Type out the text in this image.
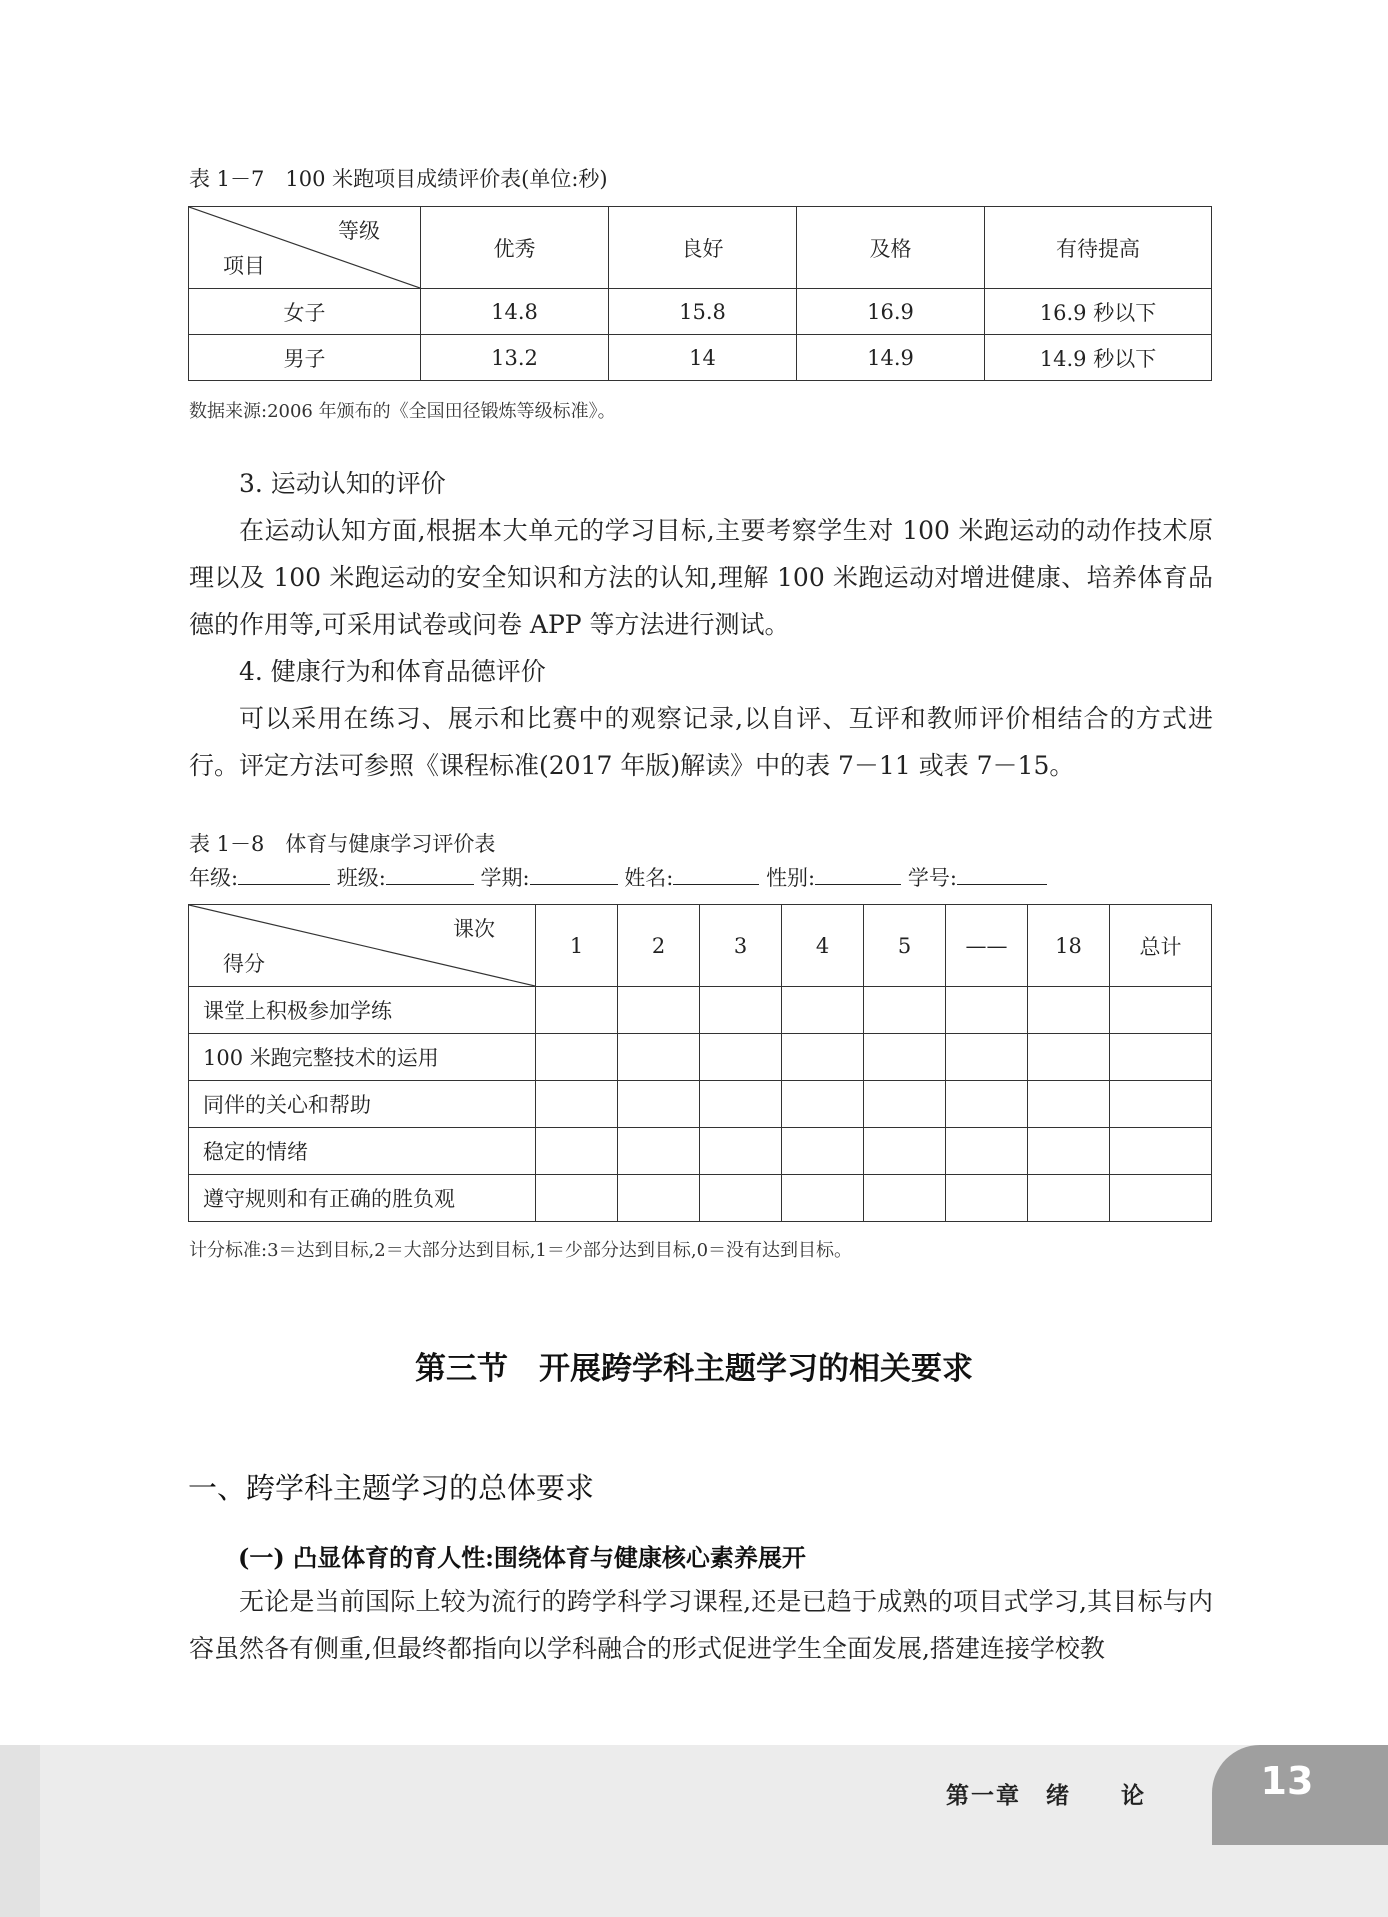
表 1－7　100 米跑项目成绩评价表(单位:秒)
等级
项目	优秀	良好	及格	有待提高
女子	14.8	15.8	16.9	16.9 秒以下
男子	13.2	14	14.9	14.9 秒以下
数据来源:2006 年颁布的《全国田径锻炼等级标准》。

3. 运动认知的评价

在运动认知方面,根据本大单元的学习目标,主要考察学生对 100 米跑运动的动作技术原理以及 100 米跑运动的安全知识和方法的认知,理解 100 米跑运动对增进健康、培养体育品德的作用等,可采用试卷或问卷 APP 等方法进行测试。

4. 健康行为和体育品德评价

可以采用在练习、展示和比赛中的观察记录,以自评、互评和教师评价相结合的方式进行。评定方法可参照《课程标准(2017 年版)解读》中的表 7－11 或表 7－15。

表 1－8　体育与健康学习评价表
年级:	班级:	学期:	姓名:	性别:	学号:
课次
得分	1	2	3	4	5	——	18	总计
课堂上积极参加学练								
100 米跑完整技术的运用								
同伴的关心和帮助								
稳定的情绪								
遵守规则和有正确的胜负观								
计分标准:3＝达到目标,2＝大部分达到目标,1＝少部分达到目标,0＝没有达到目标。
第三节　开展跨学科主题学习的相关要求
一、跨学科主题学习的总体要求
(一) 凸显体育的育人性:围绕体育与健康核心素养展开

无论是当前国际上较为流行的跨学科学习课程,还是已趋于成熟的项目式学习,其目标与内容虽然各有侧重,但最终都指向以学科融合的形式促进学生全面发展,搭建连接学校教

第一章　绪　　论	13
